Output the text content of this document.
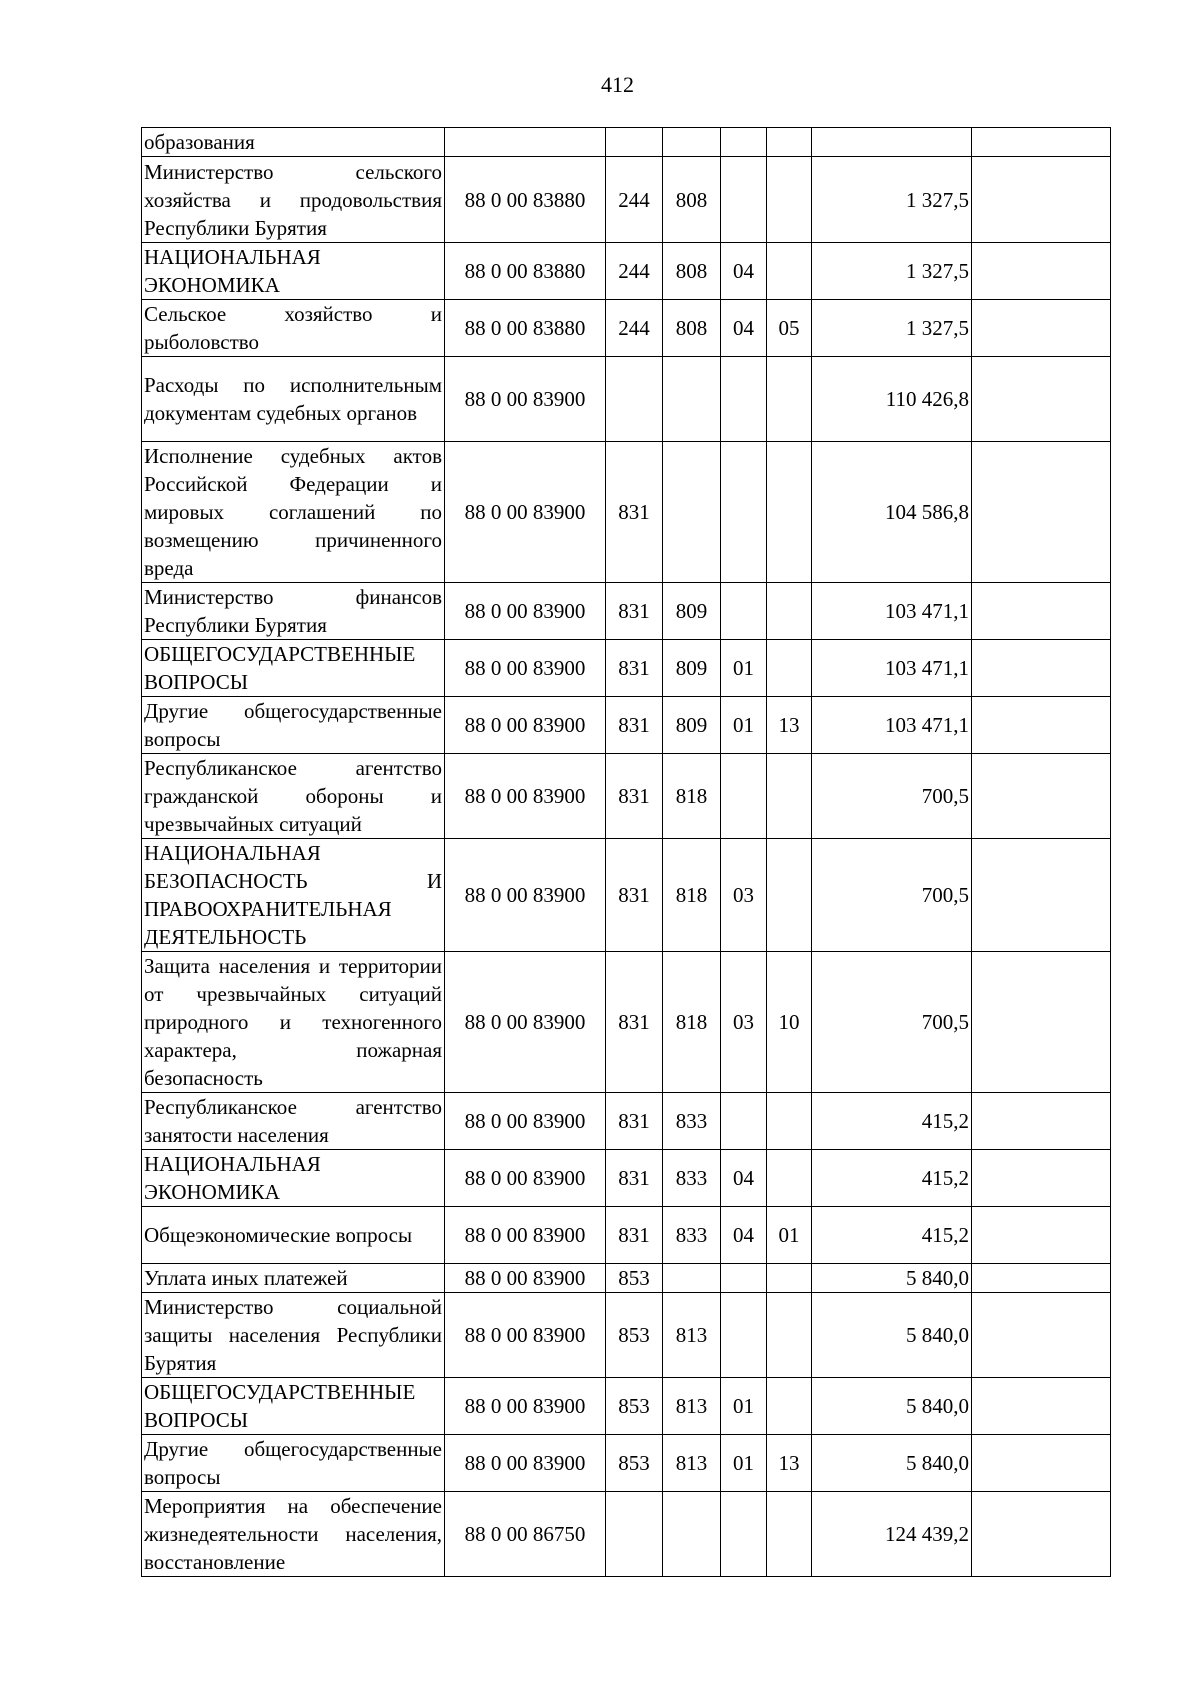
412
образования							
Министерство сельского хозяйства и продовольствия Республики Бурятия	88 0 00 83880	244	808			1 327,5	
НАЦИОНАЛЬНАЯ ЭКОНОМИКА	88 0 00 83880	244	808	04		1 327,5	
Сельское хозяйство и рыболовство	88 0 00 83880	244	808	04	05	1 327,5	
Расходы по исполнительным документам судебных органов	88 0 00 83900					110 426,8	
Исполнение судебных актов Российской Федерации и мировых соглашений по возмещению причиненного вреда	88 0 00 83900	831				104 586,8	
Министерство финансов Республики Бурятия	88 0 00 83900	831	809			103 471,1	
ОБЩЕГОСУДАРСТВЕННЫЕ ВОПРОСЫ	88 0 00 83900	831	809	01		103 471,1	
Другие общегосударственные вопросы	88 0 00 83900	831	809	01	13	103 471,1	
Республиканское агентство гражданской обороны и чрезвычайных ситуаций	88 0 00 83900	831	818			700,5	
НАЦИОНАЛЬНАЯ БЕЗОПАСНОСТЬ И ПРАВООХРАНИТЕЛЬНАЯ ДЕЯТЕЛЬНОСТЬ	88 0 00 83900	831	818	03		700,5	
Защита населения и территории от чрезвычайных ситуаций природного и техногенного характера, пожарная безопасность	88 0 00 83900	831	818	03	10	700,5	
Республиканское агентство занятости населения	88 0 00 83900	831	833			415,2	
НАЦИОНАЛЬНАЯ ЭКОНОМИКА	88 0 00 83900	831	833	04		415,2	
Общеэкономические вопросы	88 0 00 83900	831	833	04	01	415,2	
Уплата иных платежей	88 0 00 83900	853				5 840,0	
Министерство социальной защиты населения Республики Бурятия	88 0 00 83900	853	813			5 840,0	
ОБЩЕГОСУДАРСТВЕННЫЕ ВОПРОСЫ	88 0 00 83900	853	813	01		5 840,0	
Другие общегосударственные вопросы	88 0 00 83900	853	813	01	13	5 840,0	
Мероприятия на обеспечение жизнедеятельности населения, восстановление	88 0 00 86750					124 439,2	
